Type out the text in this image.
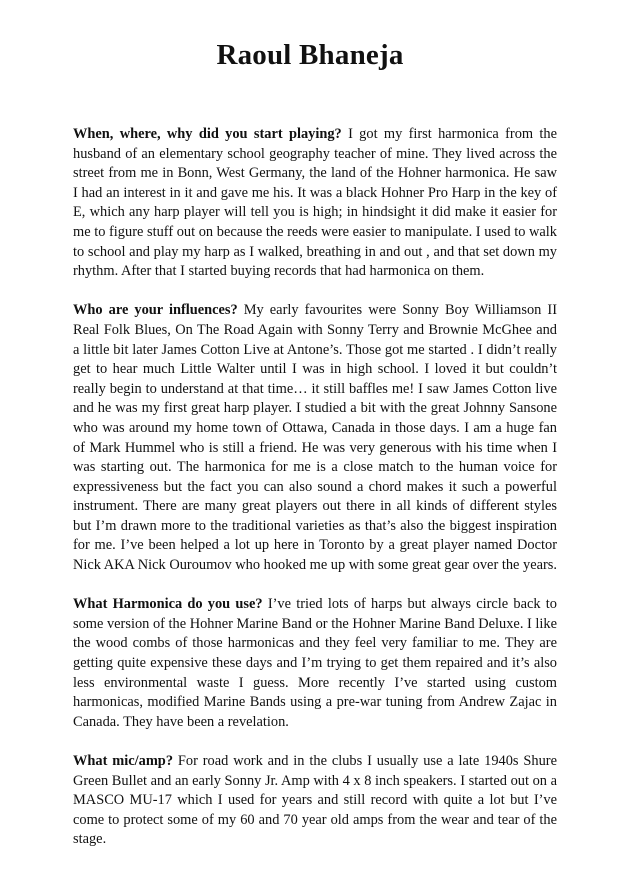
Raoul Bhaneja

When, where, why did you start playing? I got my first harmonica from the husband of an elementary school geography teacher of mine. They lived across the street from me in Bonn, West Germany, the land of the Hohner harmonica. He saw I had an interest in it and gave me his. It was a black Hohner Pro Harp in the key of E, which any harp player will tell you is high; in hindsight it did make it easier for me to figure stuff out on because the reeds were easier to manipulate. I used to walk to school and play my harp as I walked, breathing in and out , and that set down my rhythm. After that I started buying records that had harmonica on them.

Who are your influences? My early favourites were Sonny Boy Williamson II Real Folk Blues, On The Road Again with Sonny Terry and Brownie McGhee and a little bit later James Cotton Live at Antone’s. Those got me started . I didn’t really get to hear much Little Walter until I was in high school. I loved it but couldn’t really begin to understand at that time… it still baffles me! I saw James Cotton live and he was my first great harp player. I studied a bit with the great Johnny Sansone who was around my home town of Ottawa, Canada in those days. I am a huge fan of Mark Hummel who is still a friend. He was very generous with his time when I was starting out. The harmonica for me is a close match to the human voice for expressiveness but the fact you can also sound a chord makes it such a powerful instrument. There are many great players out there in all kinds of different styles but I’m drawn more to the traditional varieties as that’s also the biggest inspiration for me. I’ve been helped a lot up here in Toronto by a great player named Doctor Nick AKA Nick Ouroumov who hooked me up with some great gear over the years.

What Harmonica do you use? I’ve tried lots of harps but always circle back to some version of the Hohner Marine Band or the Hohner Marine Band Deluxe. I like the wood combs of those harmonicas and they feel very familiar to me. They are getting quite expensive these days and I’m trying to get them repaired and it’s also less environmental waste I guess. More recently I’ve started using custom harmonicas, modified Marine Bands using a pre-war tuning from Andrew Zajac in Canada. They have been a revelation.

What mic/amp? For road work and in the clubs I usually use a late 1940s Shure Green Bullet and an early Sonny Jr. Amp with 4 x 8 inch speakers. I started out on a MASCO MU-17 which I used for years and still record with quite a lot but I’ve come to protect some of my 60 and 70 year old amps from the wear and tear of the stage.
